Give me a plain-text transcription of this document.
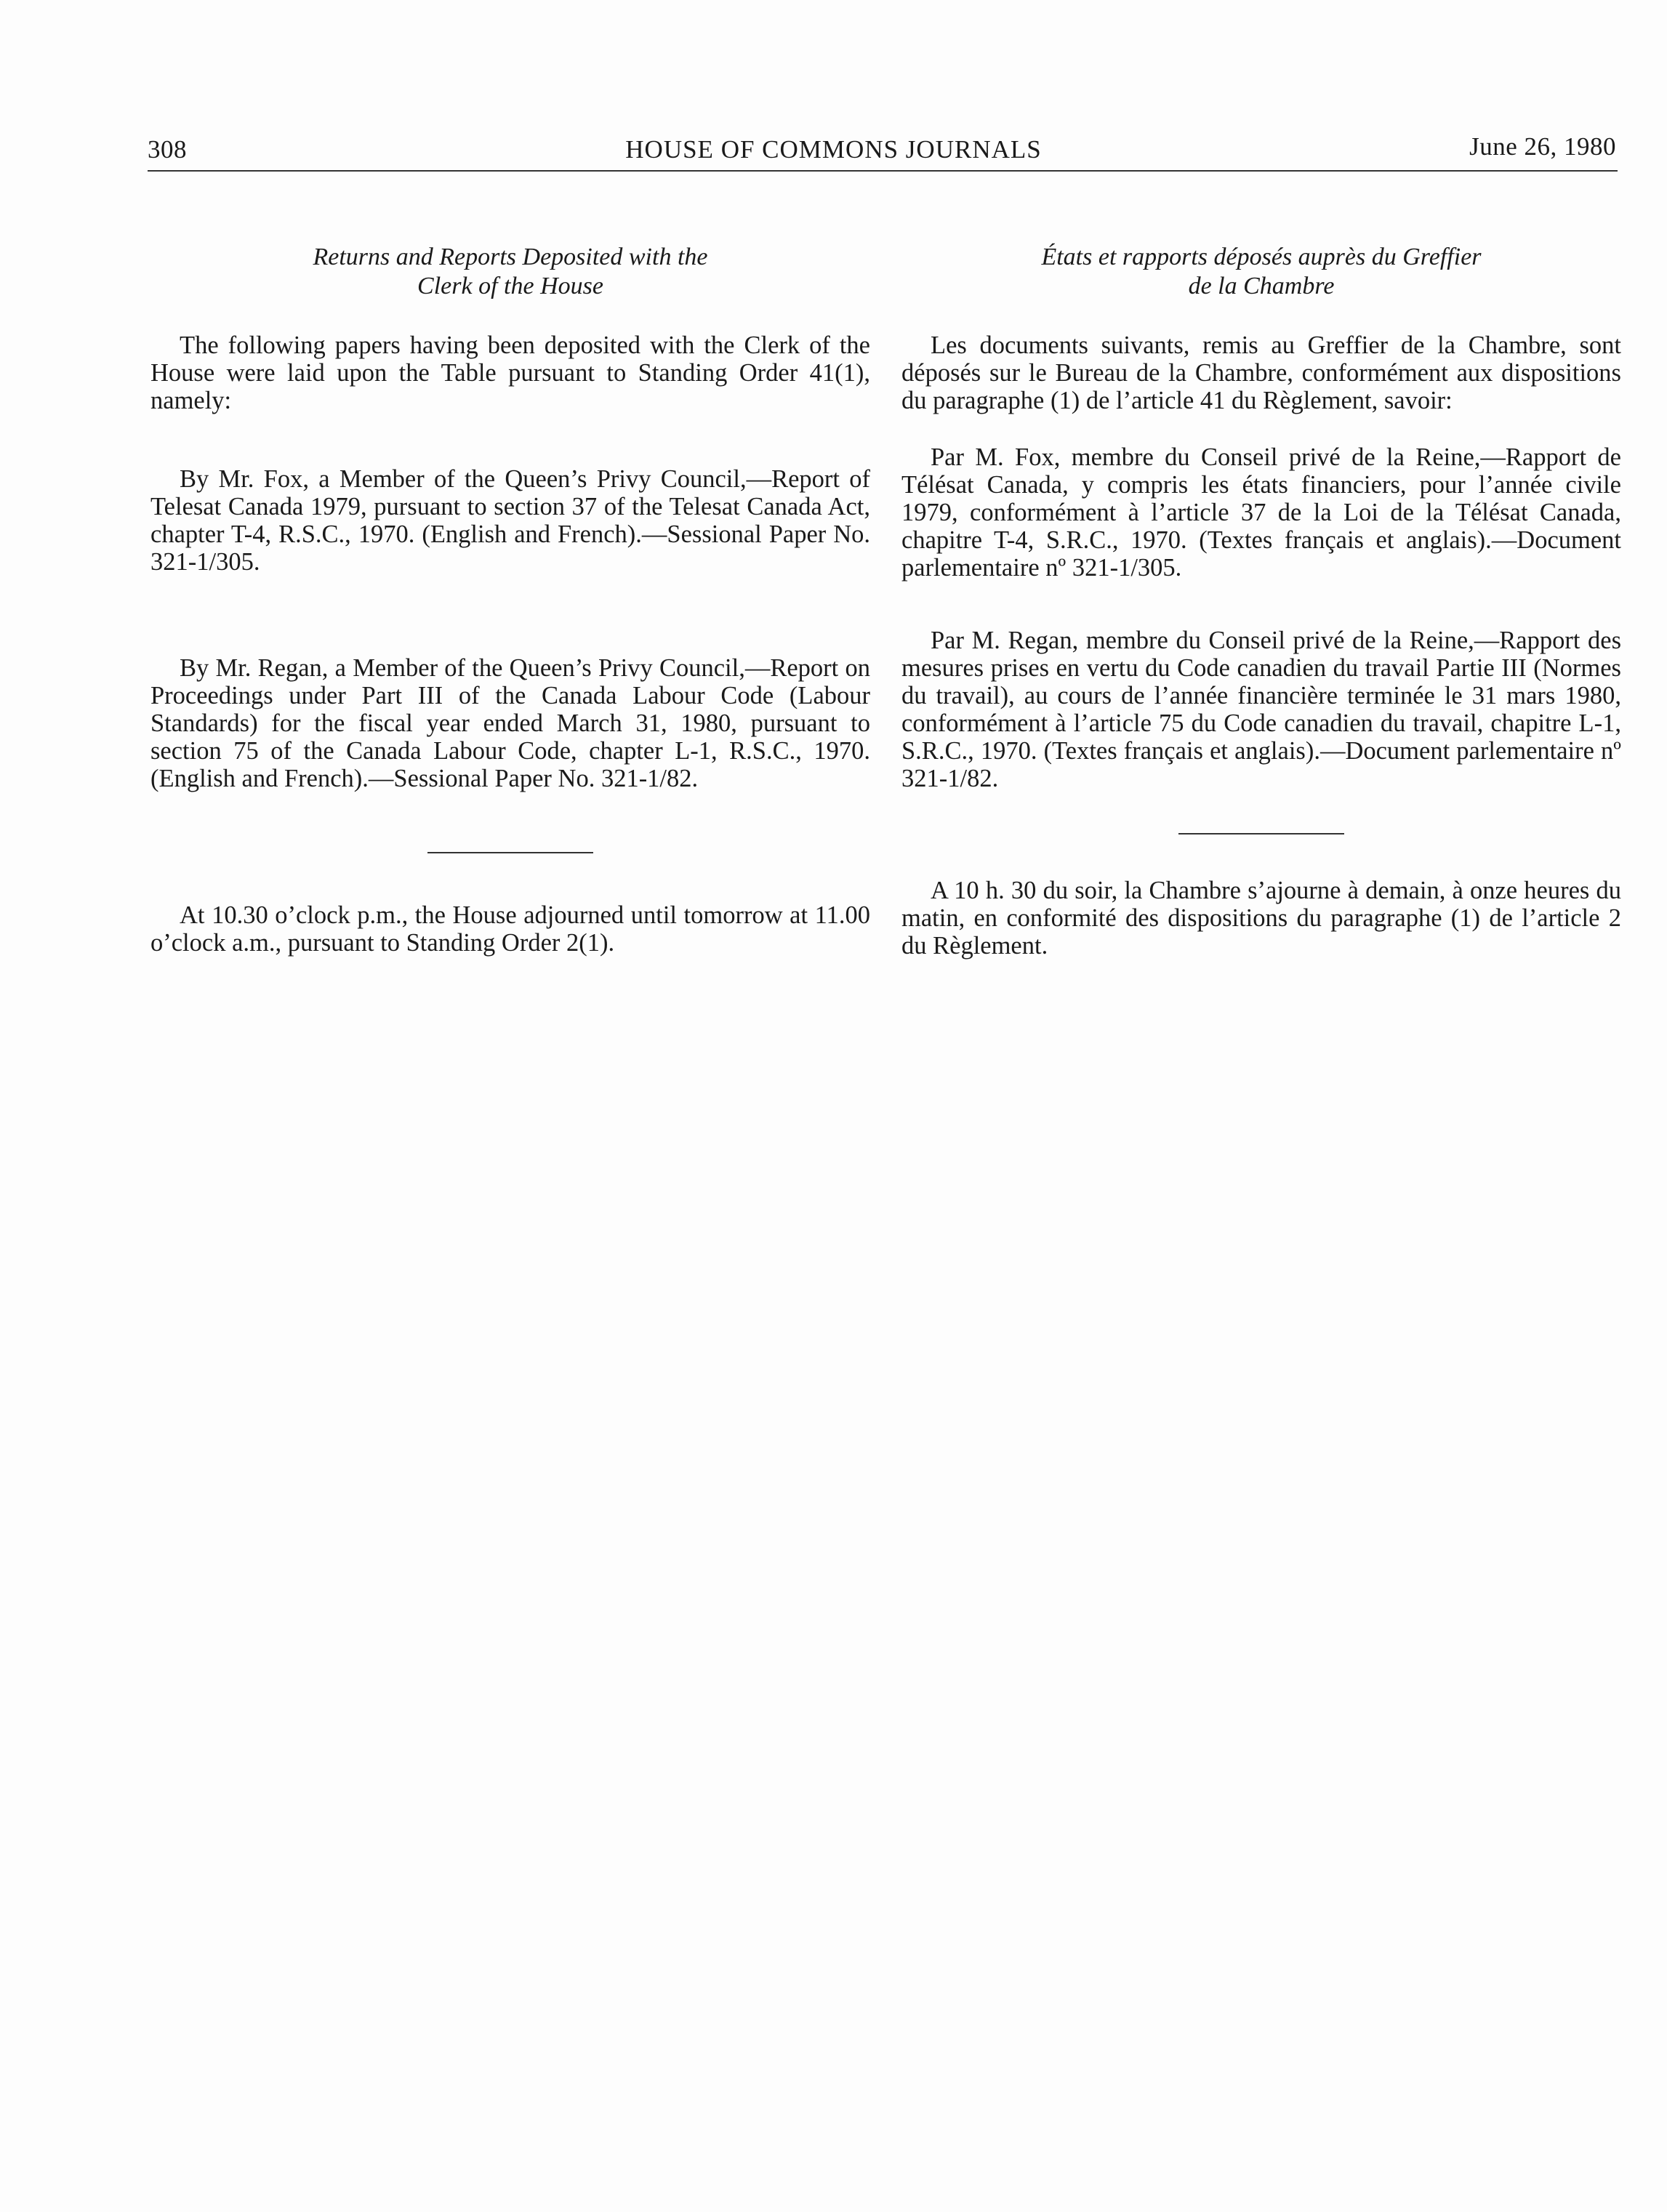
308	HOUSE OF COMMONS JOURNALS	June 26, 1980
Returns and Reports Deposited with the
Clerk of the House

The following papers having been deposited with the Clerk of the House were laid upon the Table pursuant to Standing Order 41(1), namely:

By Mr. Fox, a Member of the Queen’s Privy Council,—Report of Telesat Canada 1979, pursuant to section 37 of the Telesat Canada Act, chapter T-4, R.S.C., 1970. (English and French).—Sessional Paper No. 321-1/305.

By Mr. Regan, a Member of the Queen’s Privy Council,—Report on Proceedings under Part III of the Canada Labour Code (Labour Standards) for the fiscal year ended March 31, 1980, pursuant to section 75 of the Canada Labour Code, chapter L-1, R.S.C., 1970. (English and French).—Sessional Paper No. 321-1/82.

At 10.30 o’clock p.m., the House adjourned until tomorrow at 11.00 o’clock a.m., pursuant to Standing Order 2(1).

États et rapports déposés auprès du Greffier
de la Chambre

Les documents suivants, remis au Greffier de la Chambre, sont déposés sur le Bureau de la Chambre, conformément aux dispositions du paragraphe (1) de l’article 41 du Règlement, savoir:

Par M. Fox, membre du Conseil privé de la Reine,—Rapport de Télésat Canada, y compris les états financiers, pour l’année civile 1979, conformément à l’article 37 de la Loi de la Télésat Canada, chapitre T-4, S.R.C., 1970. (Textes français et anglais).—Document parlementaire nº 321-1/305.

Par M. Regan, membre du Conseil privé de la Reine,—Rapport des mesures prises en vertu du Code canadien du travail Partie III (Normes du travail), au cours de l’année financière terminée le 31 mars 1980, conformément à l’article 75 du Code canadien du travail, chapitre L-1, S.R.C., 1970. (Textes français et anglais).—Document parlementaire nº 321-1/82.

A 10 h. 30 du soir, la Chambre s’ajourne à demain, à onze heures du matin, en conformité des dispositions du paragraphe (1) de l’article 2 du Règlement.
